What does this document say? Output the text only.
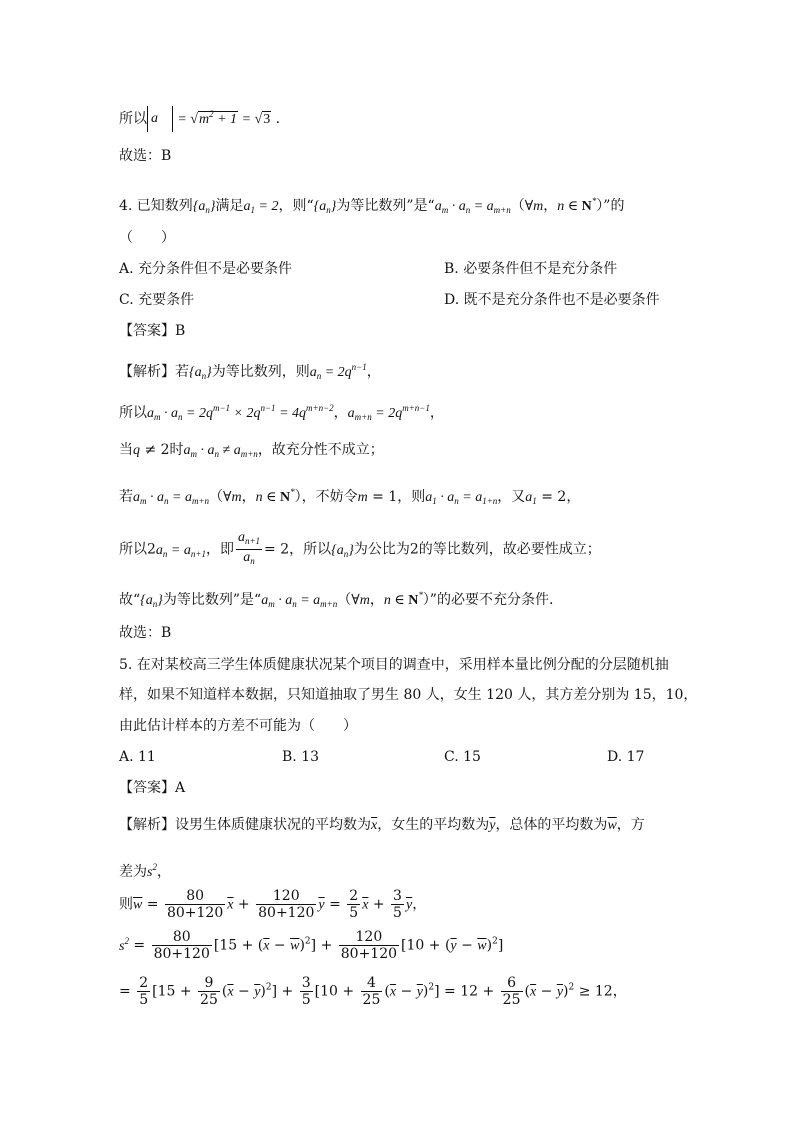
所以 a⃗ = $√m^2 + 1 = √3$ .
故选：B
4. 已知数列$\{a_n\}$满足$a_1 = 2$，则“$\{a_n\}$为等比数列”是“$a_m \cdot a_n$ = $a_{m+n}(\forall m$，n ∈ N*）”的
（　　）
A. 充分条件但不是必要条件	B. 必要条件但不是充分条件
C. 充要条件	D. 既不是充分条件也不是必要条件
【答案】B
【解析】若$\{a_n\}$为等比数列，则$a_n = 2q^{n-1}$，
所以$a_m \cdot a_n = 2q^{m-1} \times 2q^{n-1} = 4q^{m+n-2}$，$a_{m+n} = 2q^{m+n-1}$，
当q ≠ 2时$a_m \cdot a_n \ne a_{m+n}$，故充分性不成立；
若$a_m \cdot a_n$ = $a_{m+n}(\forall m$，n ∈ N*），不妨令m = 1，则$a_1 \cdot a_n = a_{1+n}$，又$a_1 = 2$，
所以$2a_n = a_{n+1}$，即 $\frac{a_{n+1}}{a_n} = 2$，所以$\{a_n\}$为公比为2的等比数列，故必要性成立；
故“$\{a_n\}$为等比数列”是“$a_m \cdot a_n$ = $a_{m+n}(\forall m$，n ∈ N*）”的必要不充分条件.
故选：B
5. 在对某校高三学生体质健康状况某个项目的调查中，采用样本量比例分配的分层随机抽
样，如果不知道样本数据，只知道抽取了男生 80 人，女生 120 人，其方差分别为 15，10，
由此估计样本的方差不可能为（　　）
A. 11	B. 13	C. 15	D. 17
【答案】A
【解析】设男生体质健康状况的平均数为$\overline{x}$，女生的平均数为$\overline{y}$，总体的平均数为$\overline{w}$，方
差为$s^2$，
则$\overline{w} = \frac{80}{80+120} \overline{x} + \frac{120}{80+120} \overline{y} = \frac{2}{5} \overline{x} + \frac{3}{5} \overline{y}$，
$s^2 = \frac{80}{80+120} [15 + (\overline{x} - \overline{w})^2] + \frac{120}{80+120} [10 + (\overline{y} - \overline{w})^2]$
= $\frac{2}{5} [15 + \frac{9}{25} (\overline{x} - \overline{y})^2] + \frac{3}{5} [10 + \frac{4}{25} (\overline{x} - \overline{y})^2] = 12 + \frac{6}{25} (\overline{x} - \overline{y})^2 \ge 12$，
